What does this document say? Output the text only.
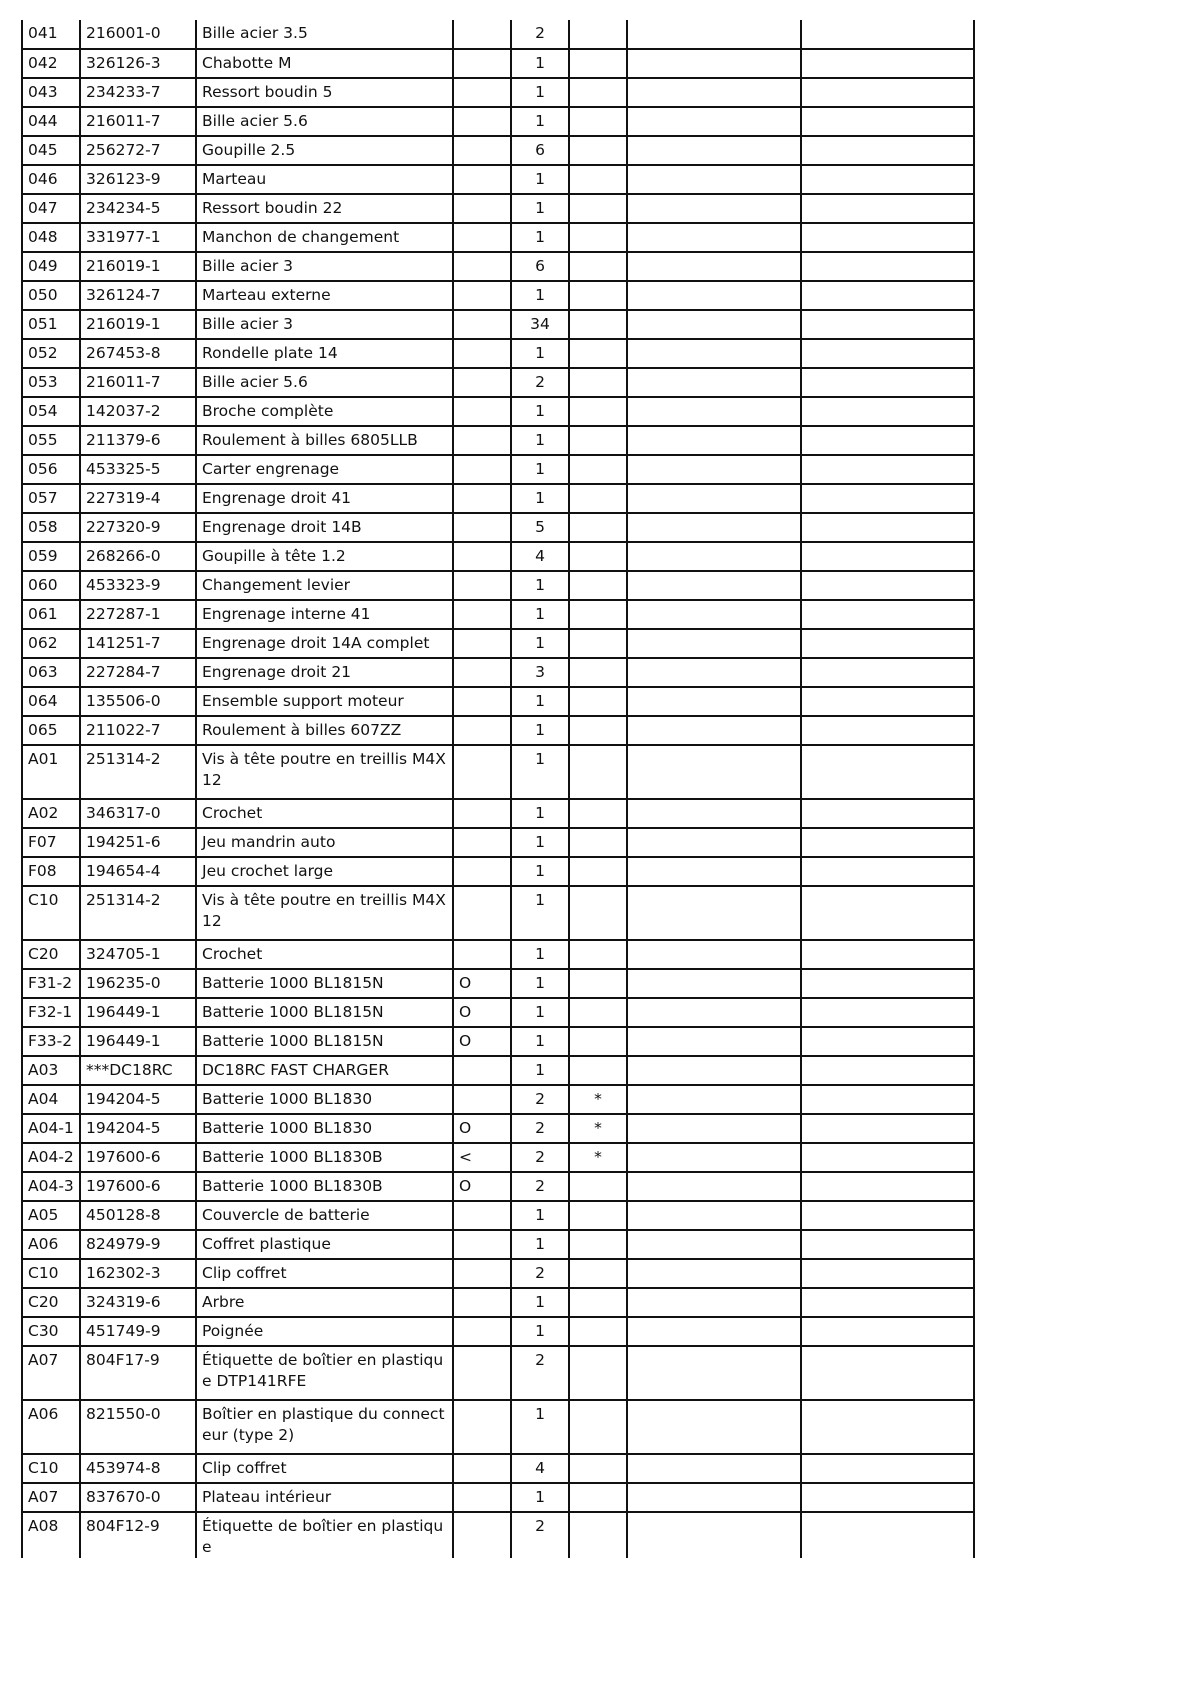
041	216001-0	Bille acier 3.5		2			
042	326126-3	Chabotte M		1			
043	234233-7	Ressort boudin 5		1			
044	216011-7	Bille acier 5.6		1			
045	256272-7	Goupille 2.5		6			
046	326123-9	Marteau		1			
047	234234-5	Ressort boudin 22		1			
048	331977-1	Manchon de changement		1			
049	216019-1	Bille acier 3		6			
050	326124-7	Marteau externe		1			
051	216019-1	Bille acier 3		34			
052	267453-8	Rondelle plate 14		1			
053	216011-7	Bille acier 5.6		2			
054	142037-2	Broche complète		1			
055	211379-6	Roulement à billes 6805LLB		1			
056	453325-5	Carter engrenage		1			
057	227319-4	Engrenage droit 41		1			
058	227320-9	Engrenage droit 14B		5			
059	268266-0	Goupille à tête 1.2		4			
060	453323-9	Changement levier		1			
061	227287-1	Engrenage interne 41		1			
062	141251-7	Engrenage droit 14A complet		1			
063	227284-7	Engrenage droit 21		3			
064	135506-0	Ensemble support moteur		1			
065	211022-7	Roulement à billes 607ZZ		1			
A01	251314-2	Vis à tête poutre en treillis M4X12		1			
A02	346317-0	Crochet		1			
F07	194251-6	Jeu mandrin auto		1			
F08	194654-4	Jeu crochet large		1			
C10	251314-2	Vis à tête poutre en treillis M4X12		1			
C20	324705-1	Crochet		1			
F31-2	196235-0	Batterie 1000 BL1815N	O	1			
F32-1	196449-1	Batterie 1000 BL1815N	O	1			
F33-2	196449-1	Batterie 1000 BL1815N	O	1			
A03	***DC18RC	DC18RC FAST CHARGER		1			
A04	194204-5	Batterie 1000 BL1830		2	*		
A04-1	194204-5	Batterie 1000 BL1830	O	2	*		
A04-2	197600-6	Batterie 1000 BL1830B	<	2	*		
A04-3	197600-6	Batterie 1000 BL1830B	O	2			
A05	450128-8	Couvercle de batterie		1			
A06	824979-9	Coffret plastique		1			
C10	162302-3	Clip coffret		2			
C20	324319-6	Arbre		1			
C30	451749-9	Poignée		1			
A07	804F17-9	Étiquette de boîtier en plastique DTP141RFE		2			
A06	821550-0	Boîtier en plastique du connecteur (type 2)		1			
C10	453974-8	Clip coffret		4			
A07	837670-0	Plateau intérieur		1			
A08	804F12-9	Étiquette de boîtier en plastique		2			
